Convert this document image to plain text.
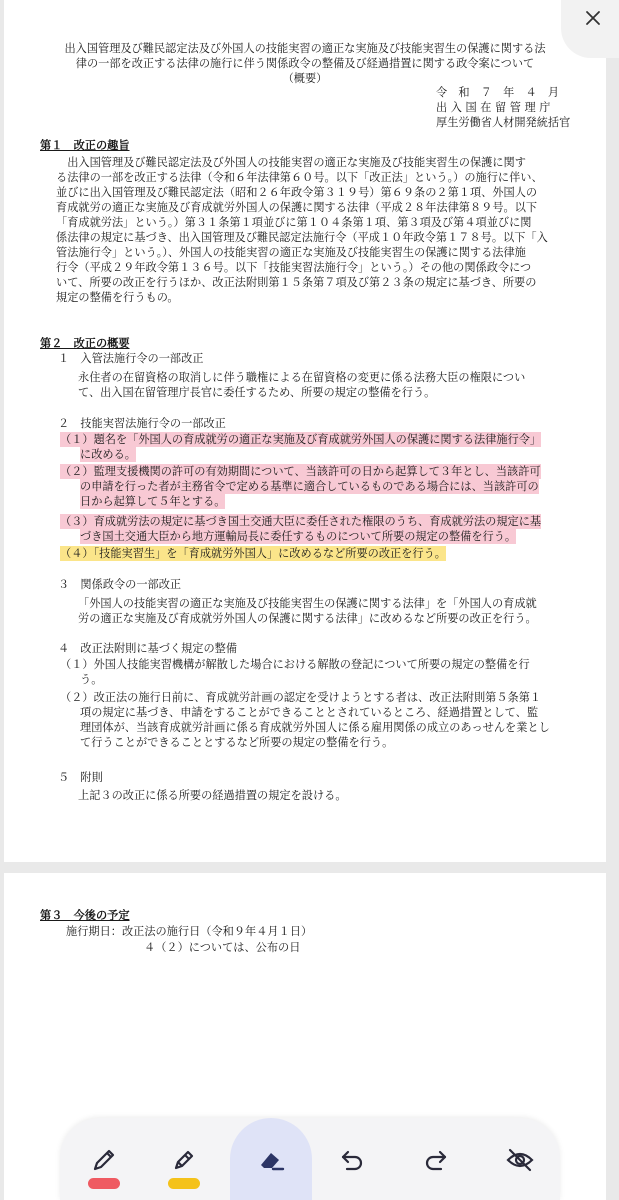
出入国管理及び難民認定法及び外国人の技能実習の適正な実施及び技能実習生の保護に関する法
律の一部を改正する法律の施行に伴う関係政令の整備及び経過措置に関する政令案について
（概要）
令　和　７　年　４　月
出 入 国 在 留 管 理 庁
厚生労働省人材開発統括官
第１　改正の趣旨
　出入国管理及び難民認定法及び外国人の技能実習の適正な実施及び技能実習生の保護に関す
る法律の一部を改正する法律（令和６年法律第６０号。以下「改正法」という。）の施行に伴い、
並びに出入国管理及び難民認定法（昭和２６年政令第３１９号）第６９条の２第１項、外国人の
育成就労の適正な実施及び育成就労外国人の保護に関する法律（平成２８年法律第８９号。以下
「育成就労法」という。）第３１条第１項並びに第１０４条第１項、第３項及び第４項並びに関
係法律の規定に基づき、出入国管理及び難民認定法施行令（平成１０年政令第１７８号。以下「入
管法施行令」という。）、外国人の技能実習の適正な実施及び技能実習生の保護に関する法律施
行令（平成２９年政令第１３６号。以下「技能実習法施行令」という。）その他の関係政令につ
いて、所要の改正を行うほか、改正法附則第１５条第７項及び第２３条の規定に基づき、所要の
規定の整備を行うもの。
第２　改正の概要
１　入管法施行令の一部改正
永住者の在留資格の取消しに伴う職権による在留資格の変更に係る法務大臣の権限につい
て、出入国在留管理庁長官に委任するため、所要の規定の整備を行う。
２　技能実習法施行令の一部改正
（１）題名を「外国人の育成就労の適正な実施及び育成就労外国人の保護に関する法律施行令」
に改める。
（２）監理支援機関の許可の有効期間について、当該許可の日から起算して３年とし、当該許可
の申請を行った者が主務省令で定める基準に適合しているものである場合には、当該許可の
日から起算して５年とする。
（３）育成就労法の規定に基づき国土交通大臣に委任された権限のうち、育成就労法の規定に基
づき国土交通大臣から地方運輸局長に委任するものについて所要の規定の整備を行う。
（４）「技能実習生」を「育成就労外国人」に改めるなど所要の改正を行う。
３　関係政令の一部改正
「外国人の技能実習の適正な実施及び技能実習生の保護に関する法律」を「外国人の育成就
労の適正な実施及び育成就労外国人の保護に関する法律」に改めるなど所要の改正を行う。
４　改正法附則に基づく規定の整備
（１）外国人技能実習機構が解散した場合における解散の登記について所要の規定の整備を行
う。
（２）改正法の施行日前に、育成就労計画の認定を受けようとする者は、改正法附則第５条第１
項の規定に基づき、申請をすることができることとされているところ、経過措置として、監
理団体が、当該育成就労計画に係る育成就労外国人に係る雇用関係の成立のあっせんを業とし
て行うことができることとするなど所要の規定の整備を行う。
５　附則
上記３の改正に係る所要の経過措置の規定を設ける。
第３　今後の予定
施行期日：改正法の施行日（令和９年４月１日）
４（２）については、公布の日
